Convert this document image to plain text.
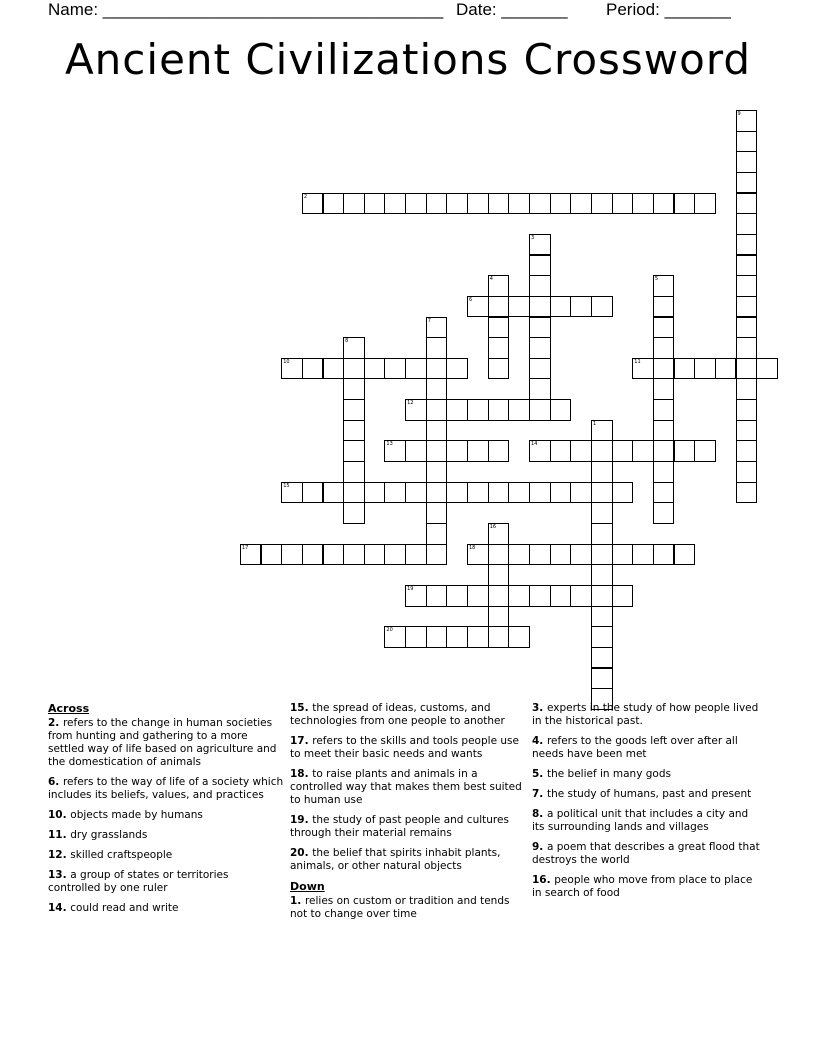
Name: ____________________________________ Date: _______ Period: _______
Ancient Civilizations Crossword
1
2
3
4	5
6
7
8
9
10	11
12
13	14
15
16
17	18
19
20

Across

2. refers to the change in human societies from hunting and gathering to a more settled way of life based on agriculture and the domestication of animals

6. refers to the way of life of a society which includes its beliefs, values, and practices

10. objects made by humans

11. dry grasslands

12. skilled craftspeople

13. a group of states or territories controlled by one ruler

14. could read and write

15. the spread of ideas, customs, and technologies from one people to another

17. refers to the skills and tools people use to meet their basic needs and wants

18. to raise plants and animals in a controlled way that makes them best suited to human use

19. the study of past people and cultures through their material remains

20. the belief that spirits inhabit plants, animals, or other natural objects

Down

1. relies on custom or tradition and tends not to change over time

3. experts in the study of how people lived in the historical past.

4. refers to the goods left over after all needs have been met

5. the belief in many gods

7. the study of humans, past and present

8. a political unit that includes a city and its surrounding lands and villages

9. a poem that describes a great flood that destroys the world

16. people who move from place to place in search of food
